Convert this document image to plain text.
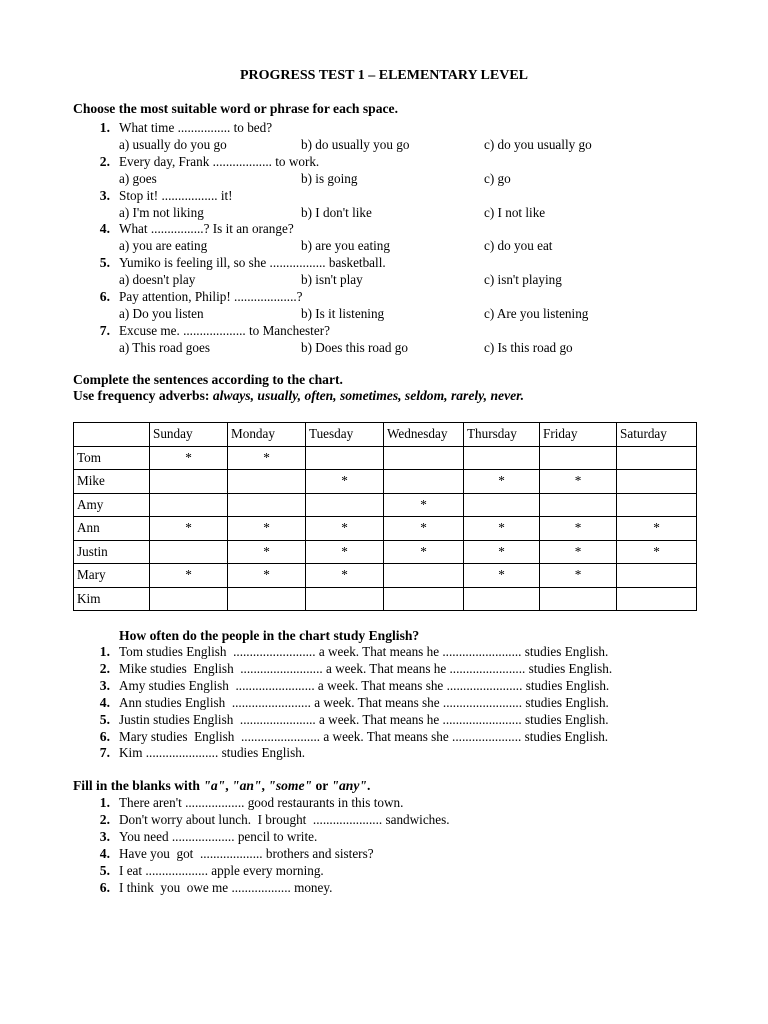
PROGRESS TEST 1 – ELEMENTARY LEVEL
Choose the most suitable word or phrase for each space.
1. What time ................ to bed?
a) usually do you go	b) do usually you go	c) do you usually go
2. Every day, Frank .................. to work.
a) goes	b) is going	c) go
3. Stop it! ................. it!
a) I'm not liking	b) I don't like	c) I not like
4. What ................? Is it an orange?
a) you are eating	b) are you eating	c) do you eat
5. Yumiko is feeling ill, so she ................. basketball.
a) doesn't play	b) isn't play	c) isn't playing
6. Pay attention, Philip! ...................?
a) Do you listen	b) Is it listening	c) Are you listening
7. Excuse me. ................... to Manchester?
a) This road goes	b) Does this road go	c) Is this road go
Complete the sentences according to the chart.
Use frequency adverbs: always, usually, often, sometimes, seldom, rarely, never.
	Sunday	Monday	Tuesday	Wednesday	Thursday	Friday	Saturday
Tom	*	*					
Mike			*		*	*	
Amy				*			
Ann	*	*	*	*	*	*	*
Justin		*	*	*	*	*	*
Mary	*	*	*		*	*	
Kim							
How often do the people in the chart study English?
1. Tom studies English  ......................... a week. That means he ........................ studies English.
2. Mike studies  English  ......................... a week. That means he ....................... studies English.
3. Amy studies English  ........................ a week. That means she ....................... studies English.
4. Ann studies English  ........................ a week. That means she ........................ studies English.
5. Justin studies English  ....................... a week. That means he ........................ studies English.
6. Mary studies  English  ........................ a week. That means she ..................... studies English.
7. Kim ...................... studies English.
Fill in the blanks with "a", "an", "some" or "any".
1. There aren't .................. good restaurants in this town.
2. Don't worry about lunch.  I brought  ..................... sandwiches.
3. You need ................... pencil to write.
4. Have you  got  ................... brothers and sisters?
5. I eat ................... apple every morning.
6. I think  you  owe me .................. money.
